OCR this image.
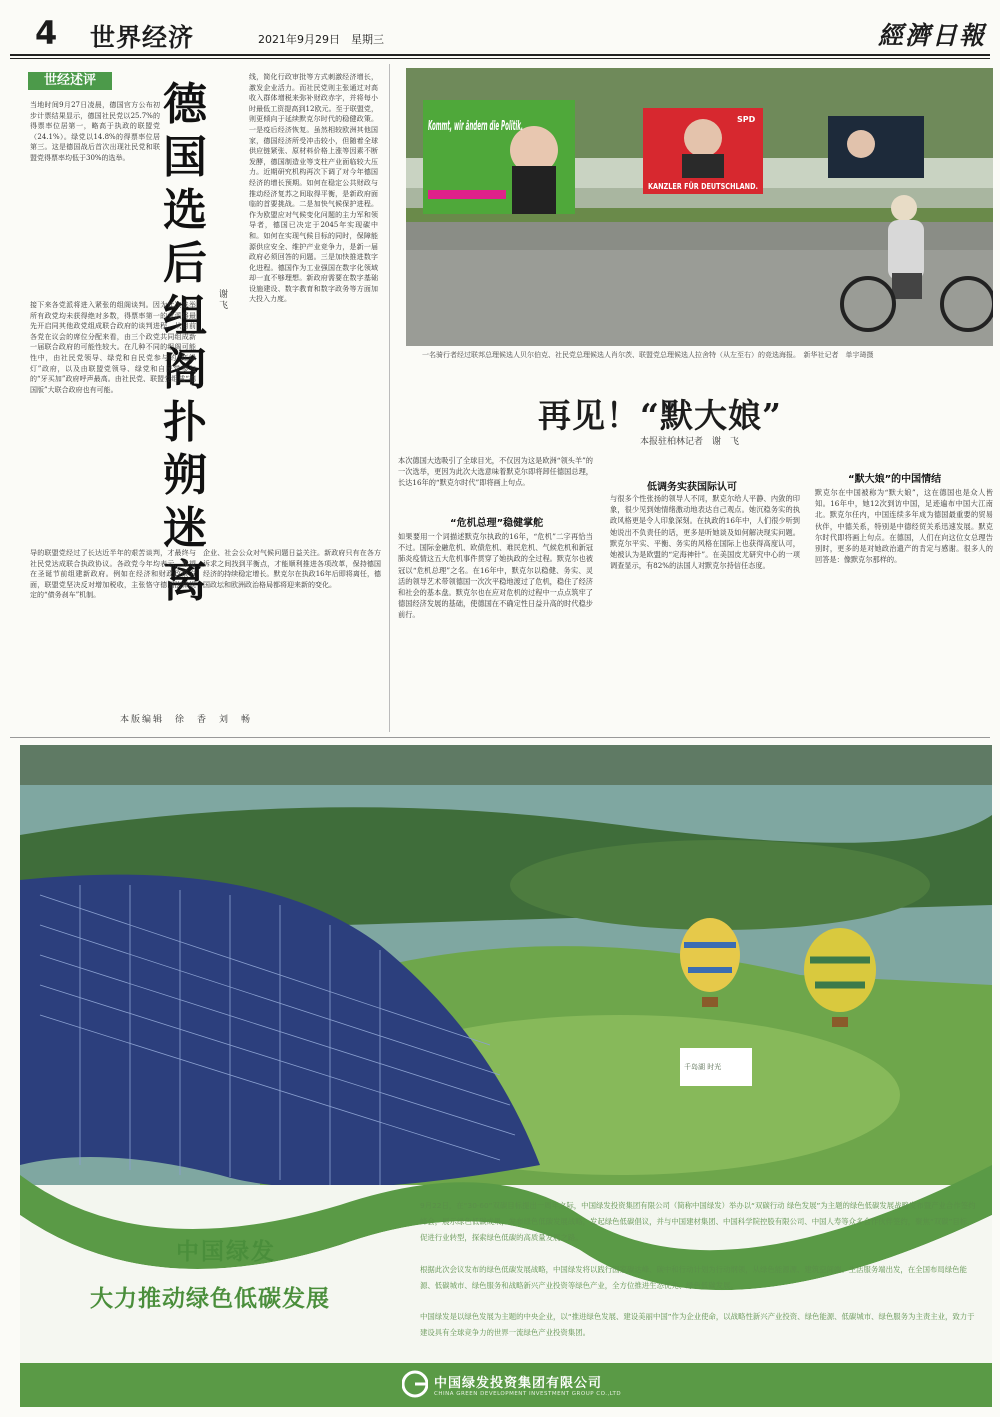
4 世界经济	2021年9月29日　星期三	經濟日報
世经述评
当地时间9月27日凌晨，德国官方公布初步计票结果显示，德国社民党以25.7%的得票率位居第一，略高于执政的联盟党（24.1%）。绿党以14.8%的得票率位居第三。这是德国战后首次出现社民党和联盟党得票率均低于30%的选举。
德国选后组阁扑朔迷离
谢　飞
接下来各党派将进入紧张的组阁谈判。因为此次选举所有政党均未获得绝对多数，得票率第一的党派将最先开启同其他政党组成联合政府的谈判进程。从目前各党在议会的席位分配来看，由三个政党共同组成新一届联合政府的可能性较大。在几种不同的组阁可能性中，由社民党领导、绿党和自民党参与的“红绿灯”政府，以及由联盟党领导、绿党和自民党参与的“牙买加”政府呼声最高。由社民党、联盟党组成“德国版”大联合政府也有可能。
线，简化行政审批等方式刺激经济增长，激发企业活力。而社民党则主张通过对高收入群体增税来弥补财政赤字，并将每小时最低工资提高到12欧元。至于联盟党，则更倾向于延续默克尔时代的稳健政策。一是疫后经济恢复。虽然相较欧洲其他国家，德国经济所受冲击较小，但随着全球供应链紧张、原材料价格上涨等因素不断发酵，德国制造业等支柱产业面临较大压力。近期研究机构再次下调了对今年德国经济的增长预期。如何在稳定公共财政与推动经济复苏之间取得平衡，是新政府面临的首要挑战。二是加快气候保护进程。作为欧盟应对气候变化问题的主力军和领导者，德国已决定于2045年实现碳中和。如何在实现气候目标的同时，保障能源供应安全、维护产业竞争力，是新一届政府必须回答的问题。三是加快推进数字化进程。德国作为工业强国在数字化领域却一直不够理想。新政府需要在数字基础设施建设、数字教育和数字政务等方面加大投入力度。
导的联盟党经过了长达近半年的艰苦谈判，才最终与社民党达成联合执政协议。各政党今年均表示，希望在圣诞节前组建新政府。例如在经济和财政政策方面，联盟党坚决反对增加税收，主张恪守德国法律规定的“债务刹车”机制。
企业、社会公众对气候问题日益关注。新政府只有在各方诉求之间找到平衡点，才能顺利推进各项改革，保持德国经济的持续稳定增长。默克尔在执政16年后即将离任，德国政坛和欧洲政治格局都将迎来新的变化。
本版编辑　徐　香　刘　畅
Kommt, wir ändern die Politik.	SPD
KANZLER FÜR DEUTSCHLAND.
一名骑行者经过联邦总理候选人贝尔伯克、社民党总理候选人肖尔茨、联盟党总理候选人拉舍特（从左至右）的竞选海报。　新华社记者　单宇琦摄
再见！“默大娘”
本报驻柏林记者　谢　飞
本次德国大选吸引了全球目光，不仅因为这是欧洲“领头羊”的一次选举，更因为此次大选意味着默克尔即将卸任德国总理，长达16年的“默克尔时代”即将画上句点。
“危机总理”稳健掌舵
如果要用一个词描述默克尔执政的16年，“危机”二字再恰当不过。国际金融危机、欧债危机、难民危机、气候危机和新冠肺炎疫情这五大危机事件贯穿了她执政的全过程。默克尔也被冠以“危机总理”之名。在16年中，默克尔以稳健、务实、灵活的领导艺术带领德国一次次平稳地渡过了危机，稳住了经济和社会的基本盘。默克尔也在应对危机的过程中一点点筑牢了德国经济发展的基础，使德国在不确定性日益升高的时代稳步前行。
低调务实获国际认可
与很多个性张扬的领导人不同，默克尔给人平静、内敛的印象，很少见到她情绪激动地表达自己观点。她沉稳务实的执政风格更是令人印象深刻。在执政的16年中，人们很少听到她说出不负责任的话，更多是听她谈及如何解决现实问题。默克尔平实、平衡、务实的风格在国际上也获得高度认可，她被认为是欧盟的“定海神针”。在美国皮尤研究中心的一项调查显示，有82%的法国人对默克尔持信任态度。
“默大娘”的中国情结
默克尔在中国被称为“默大娘”，这在德国也是众人皆知。16年中，她12次到访中国，足迹遍布中国大江南北。默克尔任内，中国连续多年成为德国最重要的贸易伙伴，中德关系，特别是中德经贸关系迅速发展。默克尔时代即将画上句点。在德国，人们在向这位女总理告别时，更多的是对她政治遗产的肯定与感谢。很多人的回答是：像默克尔那样的。
千岛湖 时光
中国绿发
大力推动绿色低碳发展
9月22日，在“30·60”双碳目标提出一周年之际，中国绿发投资集团有限公司（简称中国绿发）举办以“双碳行动 绿色发展”为主题的绿色低碳发展战略发布暨产业合作签约峰会，展示绿色低碳成果，发布绿色低碳发展战略，发起绿色低碳倡议，并与中国建材集团、中国科学院控股有限公司、中国人寿等众多合作伙伴签约，聚焦“双碳”目标，促进行业转型，探索绿色低碳的高质量发展之路。
根据此次会议发布的绿色低碳发展战略，中国绿发将以践行国家碳达峰、碳中和行动计划为行动纲领，从绿色能源源、建筑空间端、生活服务端出发，在全国布局绿色能源、低碳城市、绿色服务和战略新兴产业投资等绿色产业，全方位推进生态优先、绿色低碳发展。
中国绿发是以绿色发展为主题的中央企业，以“推进绿色发展、建设美丽中国”作为企业使命，以战略性新兴产业投资、绿色能源、低碳城市、绿色服务为主责主业，致力于建设具有全球竞争力的世界一流绿色产业投资集团。
中国绿发投资集团有限公司
CHINA GREEN DEVELOPMENT INVESTMENT GROUP CO.,LTD
